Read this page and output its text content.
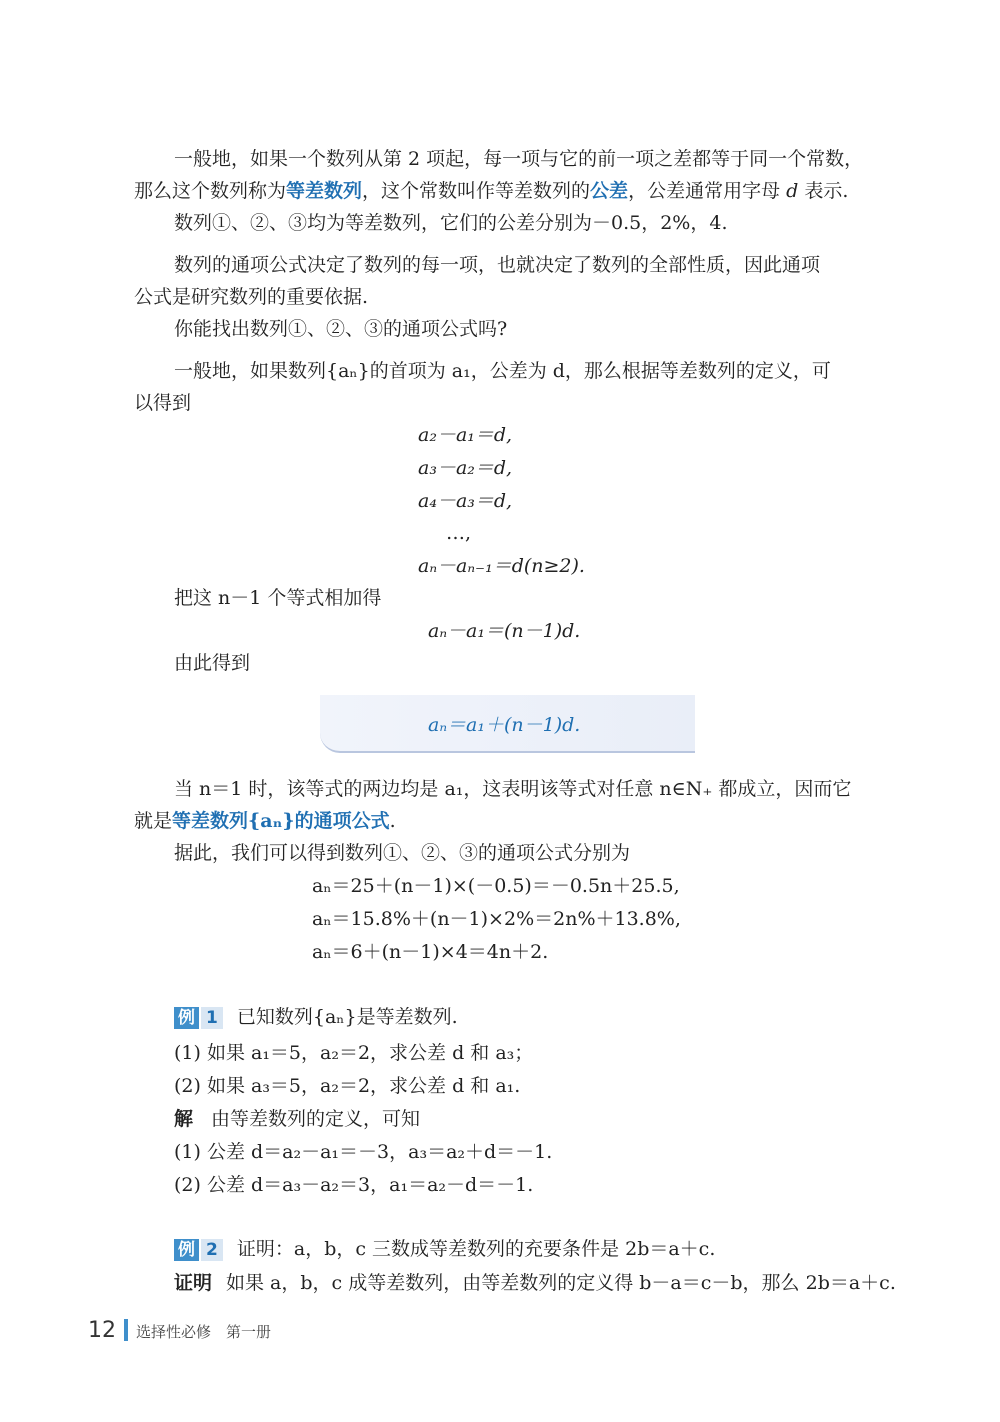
一般地，如果一个数列从第 2 项起，每一项与它的前一项之差都等于同一个常数，
那么这个数列称为等差数列，这个常数叫作等差数列的公差，公差通常用字母 d 表示.
数列①、②、③均为等差数列，它们的公差分别为－0.5，2%，4.
数列的通项公式决定了数列的每一项，也就决定了数列的全部性质，因此通项
公式是研究数列的重要依据.
你能找出数列①、②、③的通项公式吗?
一般地，如果数列{aₙ}的首项为 a₁，公差为 d，那么根据等差数列的定义，可
以得到
a₂－a₁＝d,
a₃－a₂＝d,
a₄－a₃＝d,
…,
aₙ－aₙ₋₁＝d(n≥2).
把这 n－1 个等式相加得
aₙ－a₁＝(n－1)d.
由此得到
aₙ＝a₁＋(n－1)d.
当 n＝1 时，该等式的两边均是 a₁，这表明该等式对任意 n∈N₊ 都成立，因而它
就是等差数列{aₙ}的通项公式.
据此，我们可以得到数列①、②、③的通项公式分别为
aₙ＝25＋(n－1)×(－0.5)＝－0.5n＋25.5,
aₙ＝15.8%＋(n－1)×2%＝2n%＋13.8%,
aₙ＝6＋(n－1)×4＝4n＋2.
例 1 已知数列{aₙ}是等差数列.
(1) 如果 a₁＝5，a₂＝2，求公差 d 和 a₃；
(2) 如果 a₃＝5，a₂＝2，求公差 d 和 a₁.
解 由等差数列的定义，可知
(1) 公差 d＝a₂－a₁＝－3，a₃＝a₂＋d＝－1.
(2) 公差 d＝a₃－a₂＝3，a₁＝a₂－d＝－1.
例 2 证明：a，b，c 三数成等差数列的充要条件是 2b＝a＋c.
证明 如果 a，b，c 成等差数列，由等差数列的定义得 b－a＝c－b，那么 2b＝a＋c.
12 选择性必修　第一册
